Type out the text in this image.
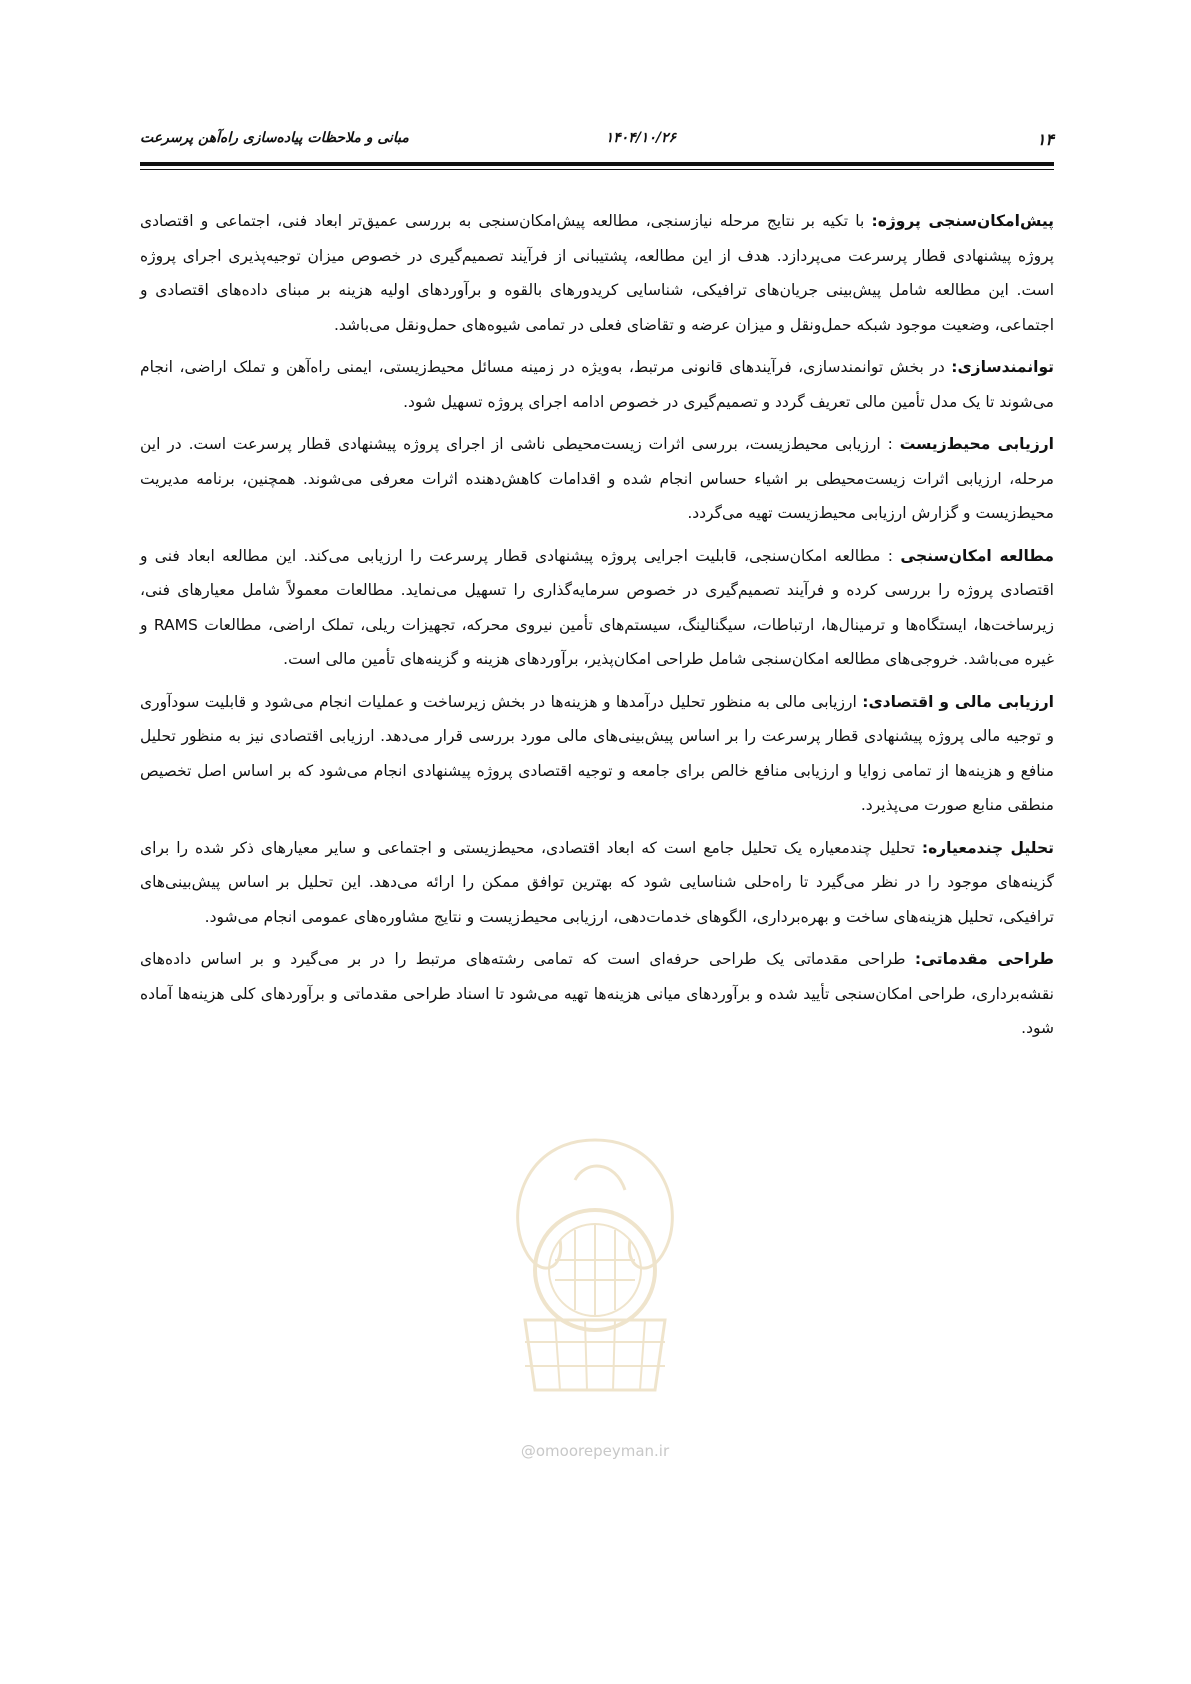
۱۴
۱۴۰۴/۱۰/۲۶
مبانی و ملاحظات پیاده‌سازی راه‌آهن پرسرعت

پیش‌امکان‌سنجی پروژه: با تکیه بر نتایج مرحله نیازسنجی، مطالعه پیش‌امکان‌سنجی به بررسی عمیق‌تر ابعاد فنی، اجتماعی و اقتصادی پروژه پیشنهادی قطار پرسرعت می‌پردازد. هدف از این مطالعه، پشتیبانی از فرآیند تصمیم‌گیری در خصوص میزان توجیه‌پذیری اجرای پروژه است. این مطالعه شامل پیش‌بینی جریان‌های ترافیکی، شناسایی کریدورهای بالقوه و برآوردهای اولیه هزینه بر مبنای داده‌های اقتصادی و اجتماعی، وضعیت موجود شبکه حمل‌ونقل و میزان عرضه و تقاضای فعلی در تمامی شیوه‌های حمل‌ونقل می‌باشد.

توانمندسازی: در بخش توانمندسازی، فرآیندهای قانونی مرتبط، به‌ویژه در زمینه مسائل محیط‌زیستی، ایمنی راه‌آهن و تملک اراضی، انجام می‌شوند تا یک مدل تأمین مالی تعریف گردد و تصمیم‌گیری در خصوص ادامه اجرای پروژه تسهیل شود.

ارزیابی محیط‌زیست : ارزیابی محیط‌زیست، بررسی اثرات زیست‌محیطی ناشی از اجرای پروژه پیشنهادی قطار پرسرعت است. در این مرحله، ارزیابی اثرات زیست‌محیطی بر اشیاء حساس انجام شده و اقدامات کاهش‌دهنده اثرات معرفی می‌شوند. همچنین، برنامه مدیریت محیط‌زیست و گزارش ارزیابی محیط‌زیست تهیه می‌گردد.

مطالعه امکان‌سنجی : مطالعه امکان‌سنجی، قابلیت اجرایی پروژه پیشنهادی قطار پرسرعت را ارزیابی می‌کند. این مطالعه ابعاد فنی و اقتصادی پروژه را بررسی کرده و فرآیند تصمیم‌گیری در خصوص سرمایه‌گذاری را تسهیل می‌نماید. مطالعات معمولاً شامل معیارهای فنی، زیرساخت‌ها، ایستگاه‌ها و ترمینال‌ها، ارتباطات، سیگنالینگ، سیستم‌های تأمین نیروی محرکه، تجهیزات ریلی، تملک اراضی، مطالعات RAMS و غیره می‌باشد. خروجی‌های مطالعه امکان‌سنجی شامل طراحی امکان‌پذیر، برآوردهای هزینه و گزینه‌های تأمین مالی است.

ارزیابی مالی و اقتصادی: ارزیابی مالی به منظور تحلیل درآمدها و هزینه‌ها در بخش زیرساخت و عملیات انجام می‌شود و قابلیت سودآوری و توجیه مالی پروژه پیشنهادی قطار پرسرعت را بر اساس پیش‌بینی‌های مالی مورد بررسی قرار می‌دهد. ارزیابی اقتصادی نیز به منظور تحلیل منافع و هزینه‌ها از تمامی زوایا و ارزیابی منافع خالص برای جامعه و توجیه اقتصادی پروژه پیشنهادی انجام می‌شود که بر اساس اصل تخصیص منطقی منابع صورت می‌پذیرد.

تحلیل چندمعیاره: تحلیل چندمعیاره یک تحلیل جامع است که ابعاد اقتصادی، محیط‌زیستی و اجتماعی و سایر معیارهای ذکر شده را برای گزینه‌های موجود را در نظر می‌گیرد تا راه‌حلی شناسایی شود که بهترین توافق ممکن را ارائه می‌دهد. این تحلیل بر اساس پیش‌بینی‌های ترافیکی، تحلیل هزینه‌های ساخت و بهره‌برداری، الگوهای خدمات‌دهی، ارزیابی محیط‌زیست و نتایج مشاوره‌های عمومی انجام می‌شود.

طراحی مقدماتی: طراحی مقدماتی یک طراحی حرفه‌ای است که تمامی رشته‌های مرتبط را در بر می‌گیرد و بر اساس داده‌های نقشه‌برداری، طراحی امکان‌سنجی تأیید شده و برآوردهای میانی هزینه‌ها تهیه می‌شود تا اسناد طراحی مقدماتی و برآوردهای کلی هزینه‌ها آماده شود.

@omoorepeyman.ir
